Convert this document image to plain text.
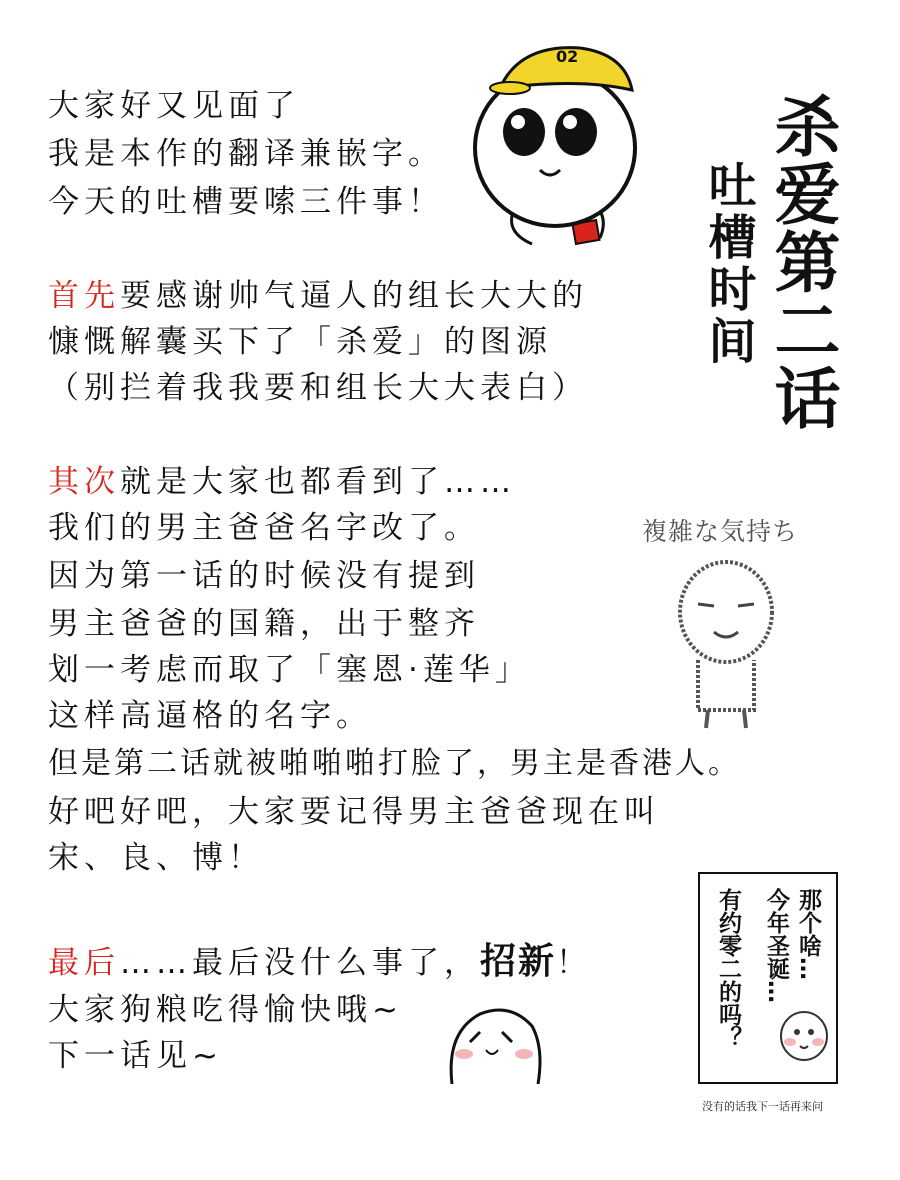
杀爱第二话
吐槽时间
大家好又见面了
我是本作的翻译兼嵌字。
今天的吐槽要嗦三件事！
首先要感谢帅气逼人的组长大大的
慷慨解囊买下了「杀爱」的图源
（别拦着我我要和组长大大表白）
其次就是大家也都看到了……
我们的男主爸爸名字改了。
因为第一话的时候没有提到
男主爸爸的国籍，出于整齐
划一考虑而取了「塞恩·莲华」
这样高逼格的名字。
但是第二话就被啪啪啪打脸了，男主是香港人。
好吧好吧，大家要记得男主爸爸现在叫
宋、良、博！
最后……最后没什么事了，招新！
大家狗粮吃得愉快哦~
下一话见~
02
複雑な気持ち
那个啥…
今年圣诞…
有约零二的吗？
没有的话我下一话再来问
